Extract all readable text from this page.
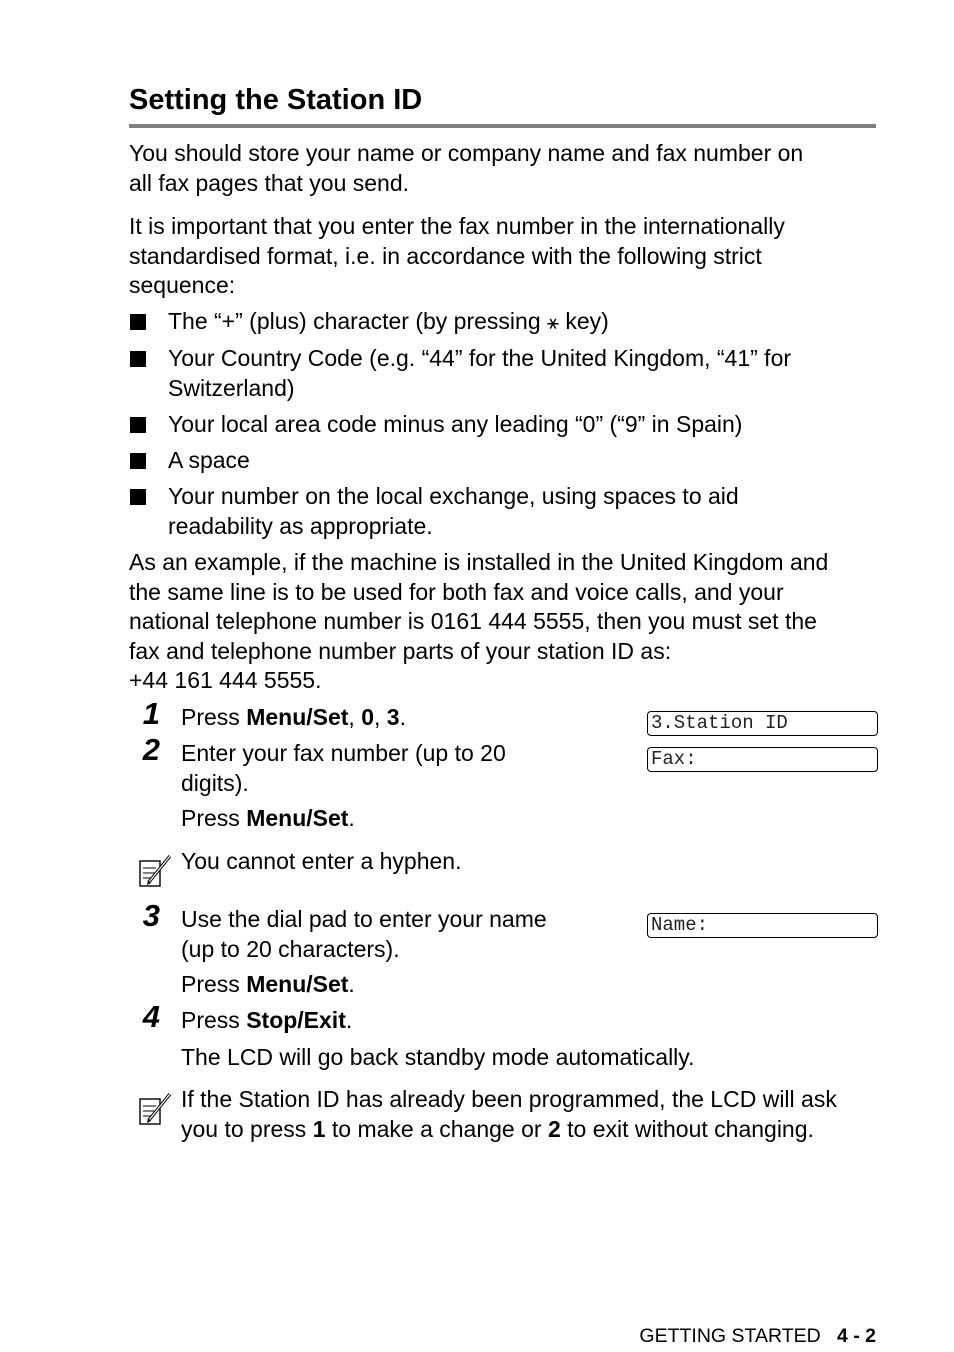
Setting the Station ID
You should store your name or company name and fax number on
all fax pages that you send.
It is important that you enter the fax number in the internationally
standardised format, i.e. in accordance with the following strict
sequence:
The “+” (plus) character (by pressing ⚹ key)
Your Country Code (e.g. “44” for the United Kingdom, “41” for
Switzerland)
Your local area code minus any leading “0” (“9” in Spain)
A space
Your number on the local exchange, using spaces to aid
readability as appropriate.
As an example, if the machine is installed in the United Kingdom and
the same line is to be used for both fax and voice calls, and your
national telephone number is 0161 444 5555, then you must set the
fax and telephone number parts of your station ID as:
+44 161 444 5555.
1 Press Menu/Set, 0, 3.	3.Station ID
2 Enter your fax number (up to 20
digits).
Fax:
Press Menu/Set.
You cannot enter a hyphen.
3 Use the dial pad to enter your name
(up to 20 characters).
Name:
Press Menu/Set.
4 Press Stop/Exit.
The LCD will go back standby mode automatically.
If the Station ID has already been programmed, the LCD will ask
you to press 1 to make a change or 2 to exit without changing.

GETTING STARTED 4 - 2
